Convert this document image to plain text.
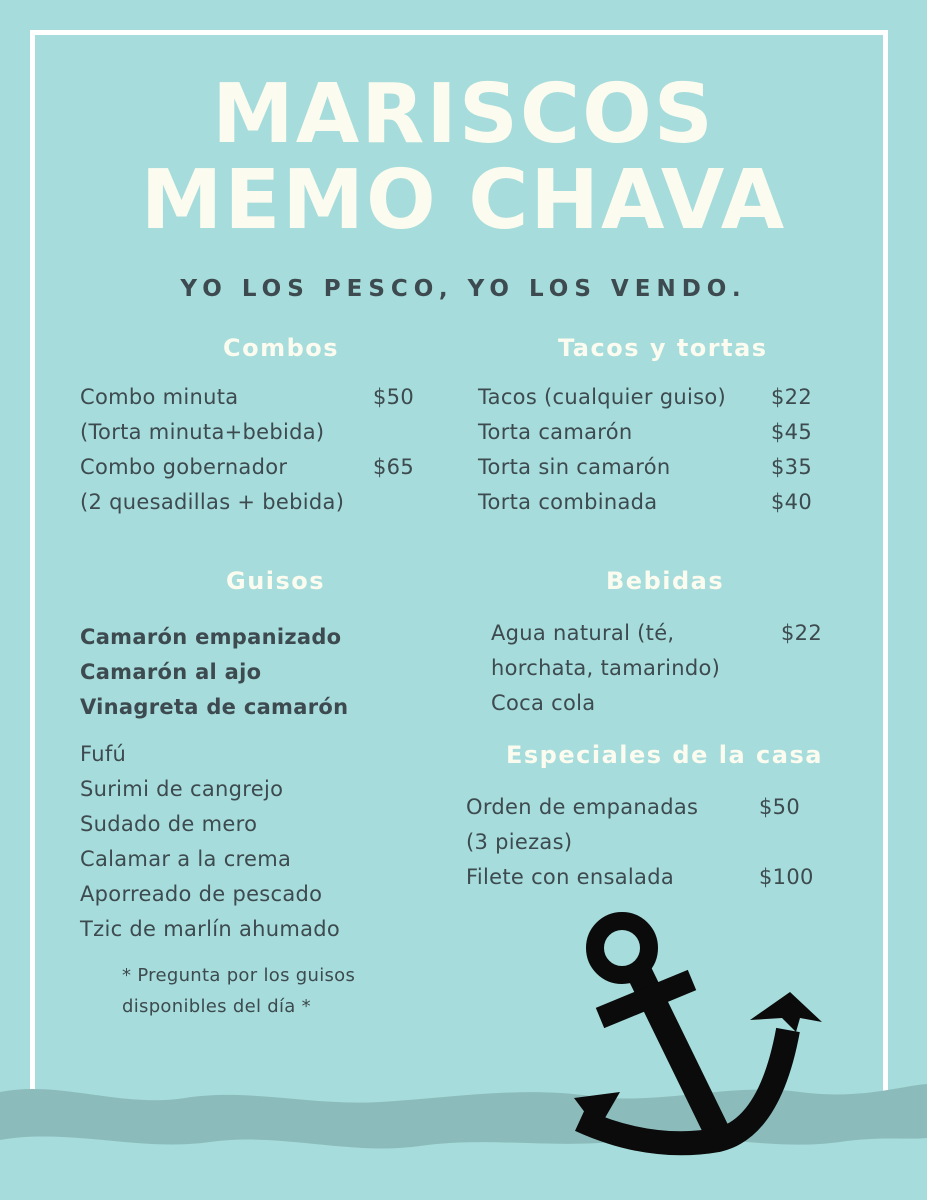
MARISCOS
MEMO CHAVA
YO LOS PESCO, YO LOS VENDO.
Combos
Combo minuta	$50
(Torta minuta+bebida)
Combo gobernador	$65
(2 quesadillas + bebida)
Tacos y tortas
Tacos (cualquier guiso) $22
Torta camarón	$45
Torta sin camarón	$35
Torta combinada	$40
Guisos
Camarón empanizado
Camarón al ajo
Vinagreta de camarón
Fufú
Surimi de cangrejo
Sudado de mero
Calamar a la crema
Aporreado de pescado
Tzic de marlín ahumado
* Pregunta por los guisos
disponibles del día *
Bebidas
Agua natural (té,	$22
horchata, tamarindo)
Coca cola
Especiales de la casa
Orden de empanadas	$50
(3 piezas)
Filete con ensalada	$100
